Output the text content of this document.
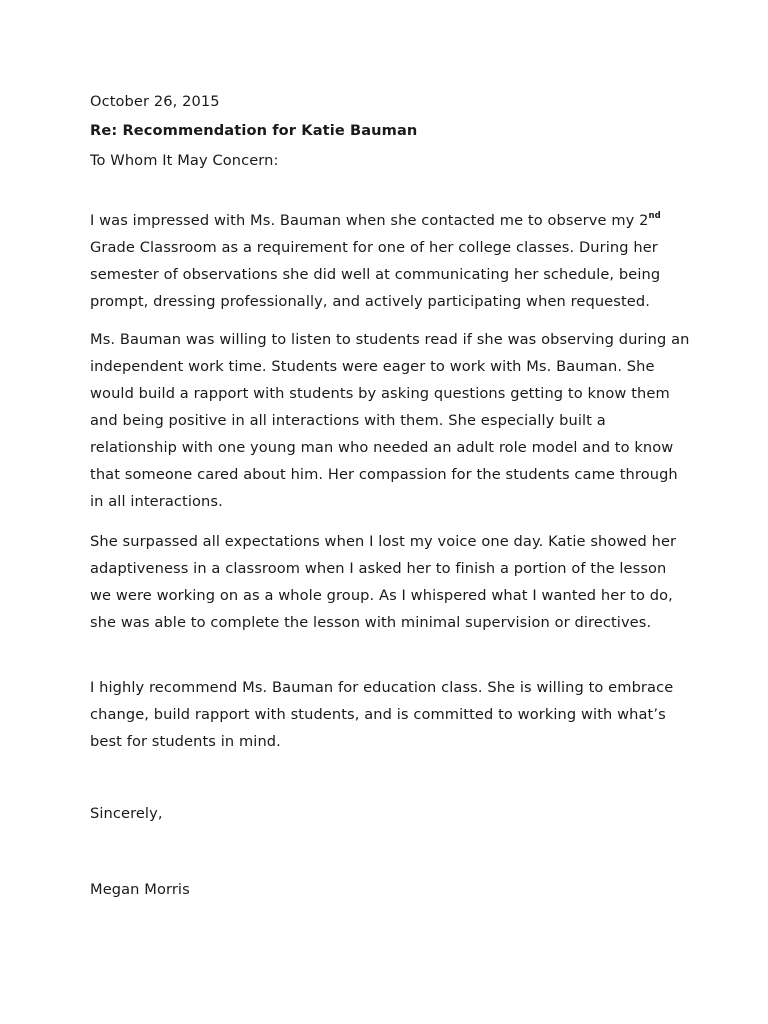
October 26, 2015
Re: Recommendation for Katie Bauman
To Whom It May Concern:

I was impressed with Ms. Bauman when she contacted me to observe my 2nd Grade Classroom as a requirement for one of her college classes. During her semester of observations she did well at communicating her schedule, being prompt, dressing professionally, and actively participating when requested.

Ms. Bauman was willing to listen to students read if she was observing during an independent work time. Students were eager to work with Ms. Bauman. She would build a rapport with students by asking questions getting to know them and being positive in all interactions with them. She especially built a relationship with one young man who needed an adult role model and to know that someone cared about him. Her compassion for the students came through in all interactions.

She surpassed all expectations when I lost my voice one day. Katie showed her adaptiveness in a classroom when I asked her to finish a portion of the lesson we were working on as a whole group. As I whispered what I wanted her to do, she was able to complete the lesson with minimal supervision or directives.

I highly recommend Ms. Bauman for education class. She is willing to embrace change, build rapport with students, and is committed to working with what’s best for students in mind.

Sincerely,
Megan Morris
